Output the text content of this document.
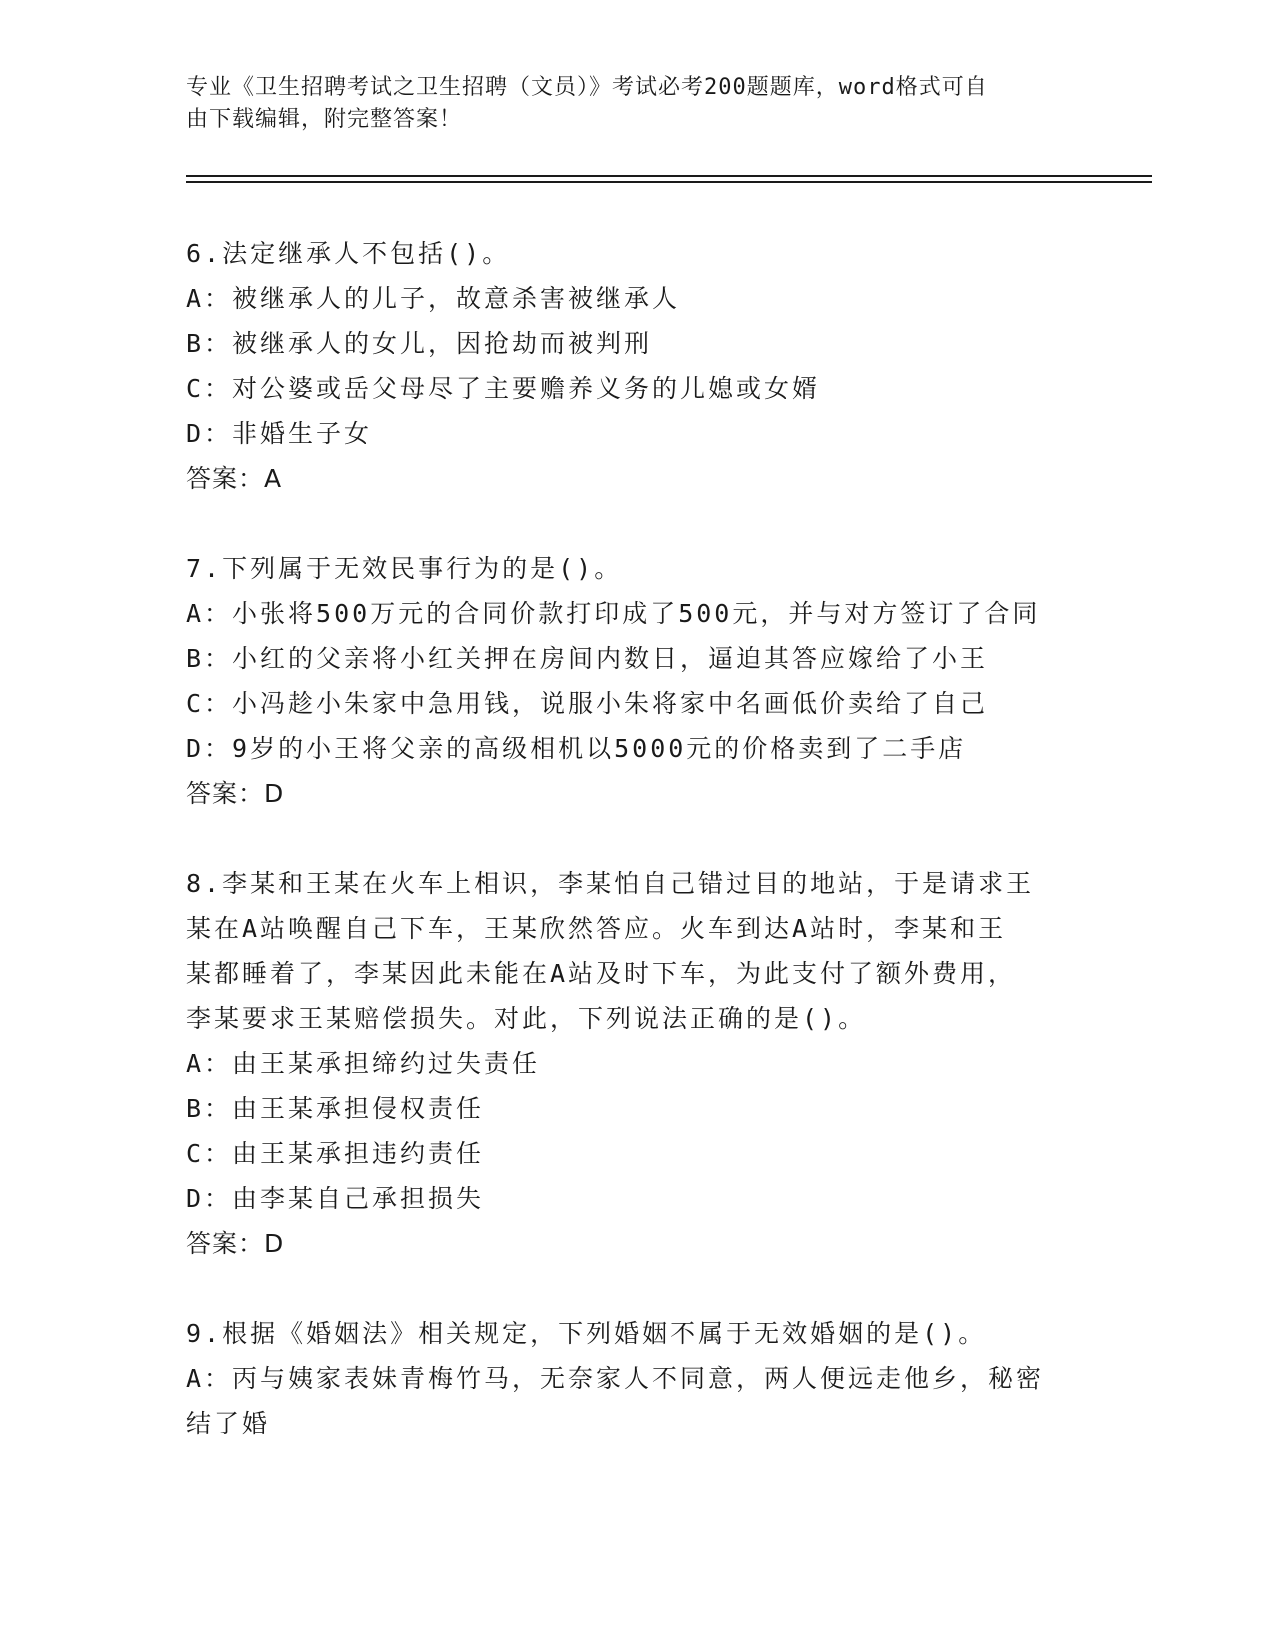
专业《卫生招聘考试之卫生招聘（文员）》考试必考200题题库，word格式可自
由下载编辑，附完整答案！

6.法定继承人不包括()。

A：被继承人的儿子，故意杀害被继承人

B：被继承人的女儿，因抢劫而被判刑

C：对公婆或岳父母尽了主要赡养义务的儿媳或女婿

D：非婚生子女

答案：A

7.下列属于无效民事行为的是()。

A：小张将500万元的合同价款打印成了500元，并与对方签订了合同

B：小红的父亲将小红关押在房间内数日，逼迫其答应嫁给了小王

C：小冯趁小朱家中急用钱，说服小朱将家中名画低价卖给了自己

D：9岁的小王将父亲的高级相机以5000元的价格卖到了二手店

答案：D

8.李某和王某在火车上相识，李某怕自己错过目的地站，于是请求王

某在A站唤醒自己下车，王某欣然答应。火车到达A站时，李某和王

某都睡着了，李某因此未能在A站及时下车，为此支付了额外费用，

李某要求王某赔偿损失。对此，下列说法正确的是()。

A：由王某承担缔约过失责任

B：由王某承担侵权责任

C：由王某承担违约责任

D：由李某自己承担损失

答案：D

9.根据《婚姻法》相关规定，下列婚姻不属于无效婚姻的是()。

A：丙与姨家表妹青梅竹马，无奈家人不同意，两人便远走他乡，秘密

结了婚
